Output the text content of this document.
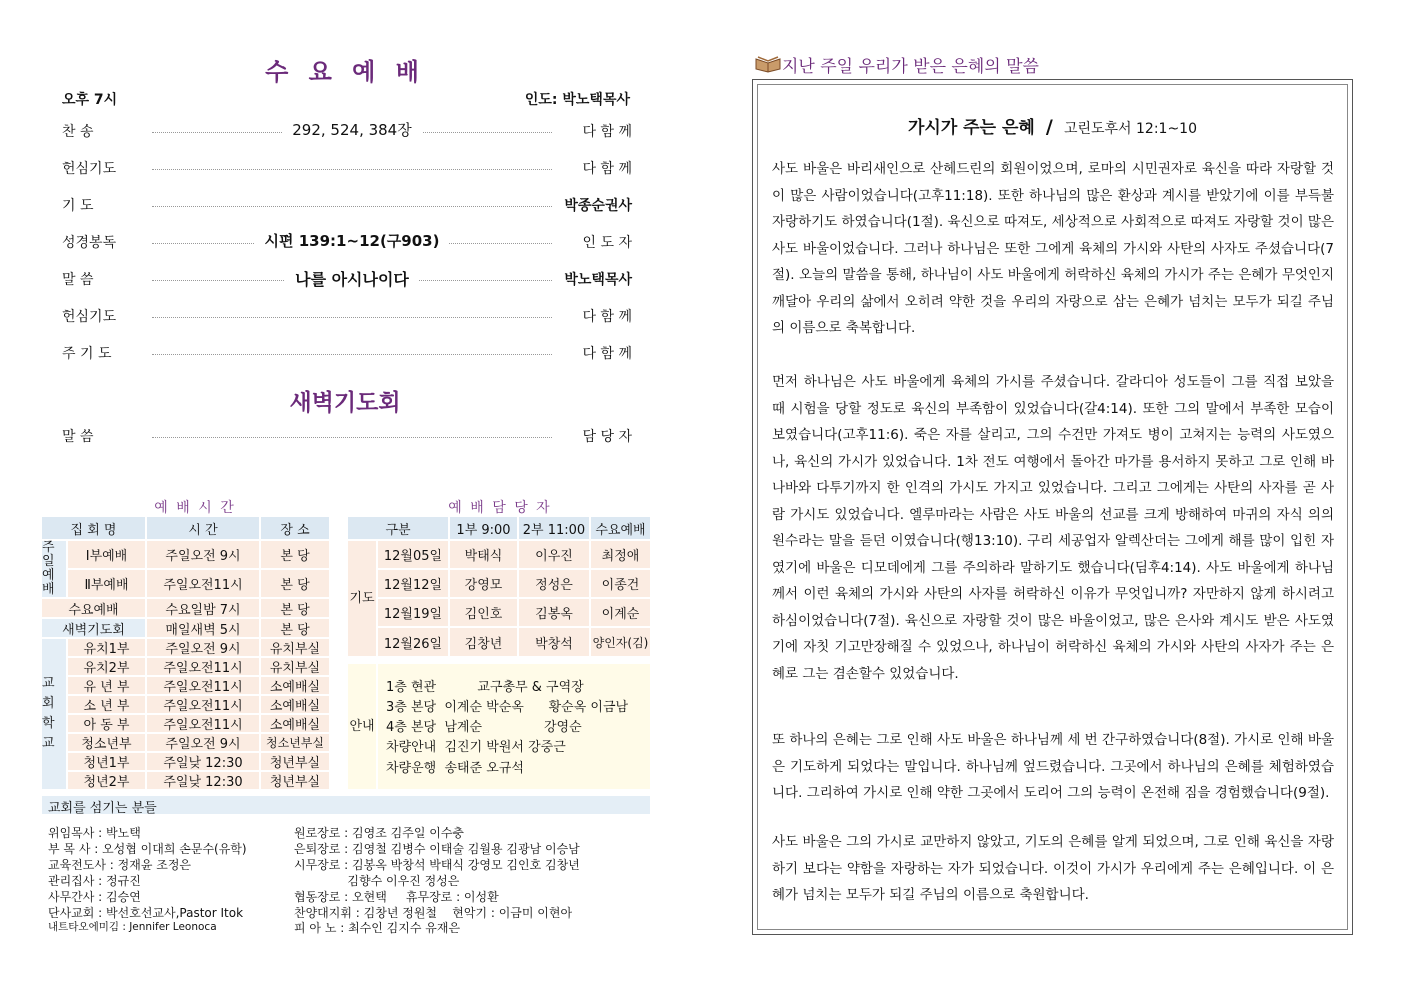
수 요 예 배
오후 7시	인도: 박노택목사
찬 송	292, 524, 384장	다 함 께
헌심기도	다 함 께
기 도	박종순권사
성경봉독	시편 139:1~12(구903)	인 도 자
말 씀	나를 아시나이다	박노택목사
헌심기도	다 함 께
주 기 도	다 함 께
새벽기도회
말 씀	담 당 자
예 배 시 간
집 회 명	시 간	장 소
주일예배
Ⅰ부예배	주일오전 9시	본 당
Ⅱ부예배	주일오전11시	본 당
수요예배	수요일밤 7시	본 당
새벽기도회	매일새벽 5시	본 당
교회학교
유치1부	주일오전 9시	유치부실
유치2부	주일오전11시	유치부실
유 년 부	주일오전11시	소예배실
소 년 부	주일오전11시	소예배실
아 동 부	주일오전11시	소예배실
청소년부	주일오전 9시	청소년부실
청년1부	주일낮 12:30	청년부실
청년2부	주일낮 12:30	청년부실
예 배 담 당 자
구분	1부 9:00 2부 11:00 수요예배
기도
12월05일	박태식	이우진	최정애
12월12일	강영모	정성은	이종건
12월19일	김인호	김봉옥	이계순
12월26일	김창년	박창석	양인자(김)
안내
1층 현관          교구총무 & 구역장
3층 본당  이계순 박순옥      황순옥 이금남
4층 본당  남계순               강영순
차량안내  김진기 박원서 강중근
차량운행  송태준 오규석
교회를 섬기는 분들
위임목사 : 박노택
부 목 사 : 오성협 이대희 손문수(유학)
교육전도사 : 정재윤 조정은
관리집사 : 정규진
사무간사 : 김승연
단사교회 : 박선호선교사,Pastor Itok
내트타오에미김 : Jennifer Leonoca
원로장로 : 김영조 김주일 이수충
은퇴장로 : 김영철 김병수 이태술 김월용 김광남 이승남
시무장로 : 김봉옥 박창석 박태식 강영모 김인호 김창년
김향수 이우진 정성은
협동장로 : 오현택     휴무장로 : 이성환
찬양대지휘 : 김창년 정원철    현악기 : 이금미 이현아
피 아 노 : 최수인 김지수 유재은
지난 주일 우리가 받은 은혜의 말씀
가시가 주는 은혜 / 고린도후서 12:1~10
사도 바울은 바리새인으로 산헤드린의 회원이었으며, 로마의 시민권자로 육신을 따라 자랑할 것이 많은 사람이었습니다(고후11:18). 또한 하나님의 많은 환상과 계시를 받았기에 이를 부득불 자랑하기도 하였습니다(1절). 육신으로 따져도, 세상적으로 사회적으로 따져도 자랑할 것이 많은 사도 바울이었습니다. 그러나 하나님은 또한 그에게 육체의 가시와 사탄의 사자도 주셨습니다(7절). 오늘의 말씀을 통해, 하나님이 사도 바울에게 허락하신 육체의 가시가 주는 은혜가 무엇인지 깨달아 우리의 삶에서 오히려 약한 것을 우리의 자랑으로 삼는 은혜가 넘치는 모두가 되길 주님의 이름으로 축복합니다.
먼저 하나님은 사도 바울에게 육체의 가시를 주셨습니다. 갈라디아 성도들이 그를 직접 보았을 때 시험을 당할 정도로 육신의 부족함이 있었습니다(갈4:14). 또한 그의 말에서 부족한 모습이 보였습니다(고후11:6). 죽은 자를 살리고, 그의 수건만 가져도 병이 고쳐지는 능력의 사도였으나, 육신의 가시가 있었습니다. 1차 전도 여행에서 돌아간 마가를 용서하지 못하고 그로 인해 바나바와 다투기까지 한 인격의 가시도 가지고 있었습니다. 그리고 그에게는 사탄의 사자를 곧 사람 가시도 있었습니다. 엘루마라는 사람은 사도 바울의 선교를 크게 방해하여 마귀의 자식 의의 원수라는 말을 듣던 이였습니다(행13:10). 구리 세공업자 알렉산더는 그에게 해를 많이 입힌 자였기에 바울은 디모데에게 그를 주의하라 말하기도 했습니다(딤후4:14). 사도 바울에게 하나님께서 이런 육체의 가시와 사탄의 사자를 허락하신 이유가 무엇입니까? 자만하지 않게 하시려고 하심이었습니다(7절). 육신으로 자랑할 것이 많은 바울이었고, 많은 은사와 계시도 받은 사도였기에 자칫 기고만장해질 수 있었으나, 하나님이 허락하신 육체의 가시와 사탄의 사자가 주는 은혜로 그는 겸손할수 있었습니다.
또 하나의 은혜는 그로 인해 사도 바울은 하나님께 세 번 간구하였습니다(8절). 가시로 인해 바울은 기도하게 되었다는 말입니다. 하나님께 엎드렸습니다. 그곳에서 하나님의 은혜를 체험하였습니다. 그리하여 가시로 인해 약한 그곳에서 도리어 그의 능력이 온전해 짐을 경험했습니다(9절).
사도 바울은 그의 가시로 교만하지 않았고, 기도의 은혜를 알게 되었으며, 그로 인해 육신을 자랑하기 보다는 약함을 자랑하는 자가 되었습니다. 이것이 가시가 우리에게 주는 은혜입니다. 이 은혜가 넘치는 모두가 되길 주님의 이름으로 축원합니다.
